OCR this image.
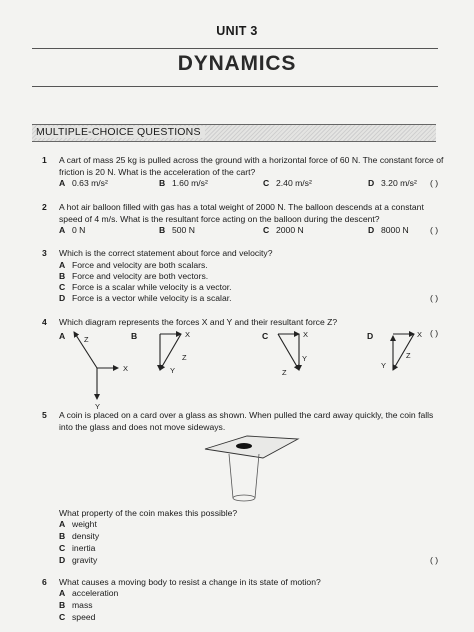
UNIT 3
DYNAMICS
MULTIPLE-CHOICE QUESTIONS
1 A cart of mass 25 kg is pulled across the ground with a horizontal force of 60 N. The constant force of friction is 20 N. What is the acceleration of the cart?
A 0.63 m/s²	B 1.60 m/s²	C 2.40 m/s²	D 3.20 m/s² ( )
2 A hot air balloon filled with gas has a total weight of 2000 N. The balloon descends at a constant speed of 4 m/s. What is the resultant force acting on the balloon during the descent?
A 0 N	B 500 N	C 2000 N	D 8000 N ( )
3 Which is the correct statement about force and velocity?
A Force and velocity are both scalars.
B Force and velocity are both vectors.
C Force is a scalar while velocity is a vector.
D Force is a vector while velocity is a scalar.	( )
4 Which diagram represents the forces X and Y and their resultant force Z?
( )
A	B	C	D
X
Y
Z
X
Y
Z
X
Y
Z
X
Y
Z
5 A coin is placed on a card over a glass as shown. When pulled the card away quickly, the coin falls into the glass and does not move sideways.
What property of the coin makes this possible?
A weight
B density
C inertia
D gravity	( )
6 What causes a moving body to resist a change in its state of motion?
A acceleration
B mass
C speed
